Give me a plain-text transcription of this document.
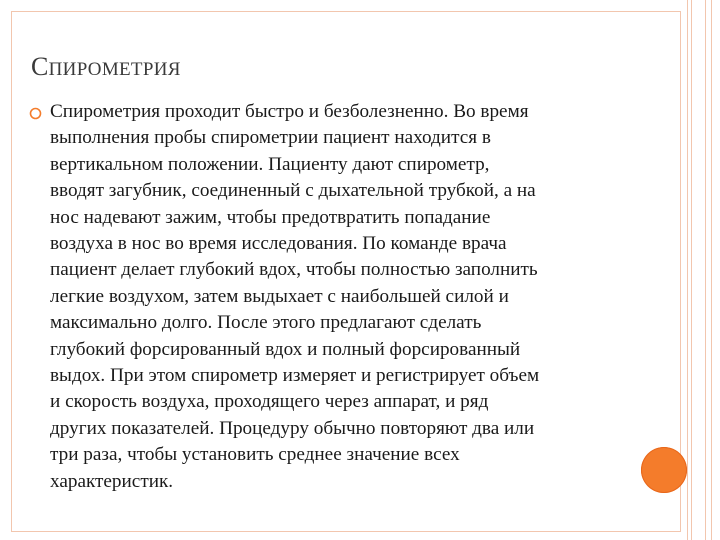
СПИРОМЕТРИЯ
Спирометрия проходит быстро и безболезненно. Во время
выполнения пробы спирометрии пациент находится в
вертикальном положении. Пациенту дают спирометр,
вводят загубник, соединенный с дыхательной трубкой, а на
нос надевают зажим, чтобы предотвратить попадание
воздуха в нос во время исследования. По команде врача
пациент делает глубокий вдох, чтобы полностью заполнить
легкие воздухом, затем выдыхает с наибольшей силой и
максимально долго. После этого предлагают сделать
глубокий форсированный вдох и полный форсированный
выдох. При этом спирометр измеряет и регистрирует объем
и скорость воздуха, проходящего через аппарат, и ряд
других показателей. Процедуру обычно повторяют два или
три раза, чтобы установить среднее значение всех
характеристик.
